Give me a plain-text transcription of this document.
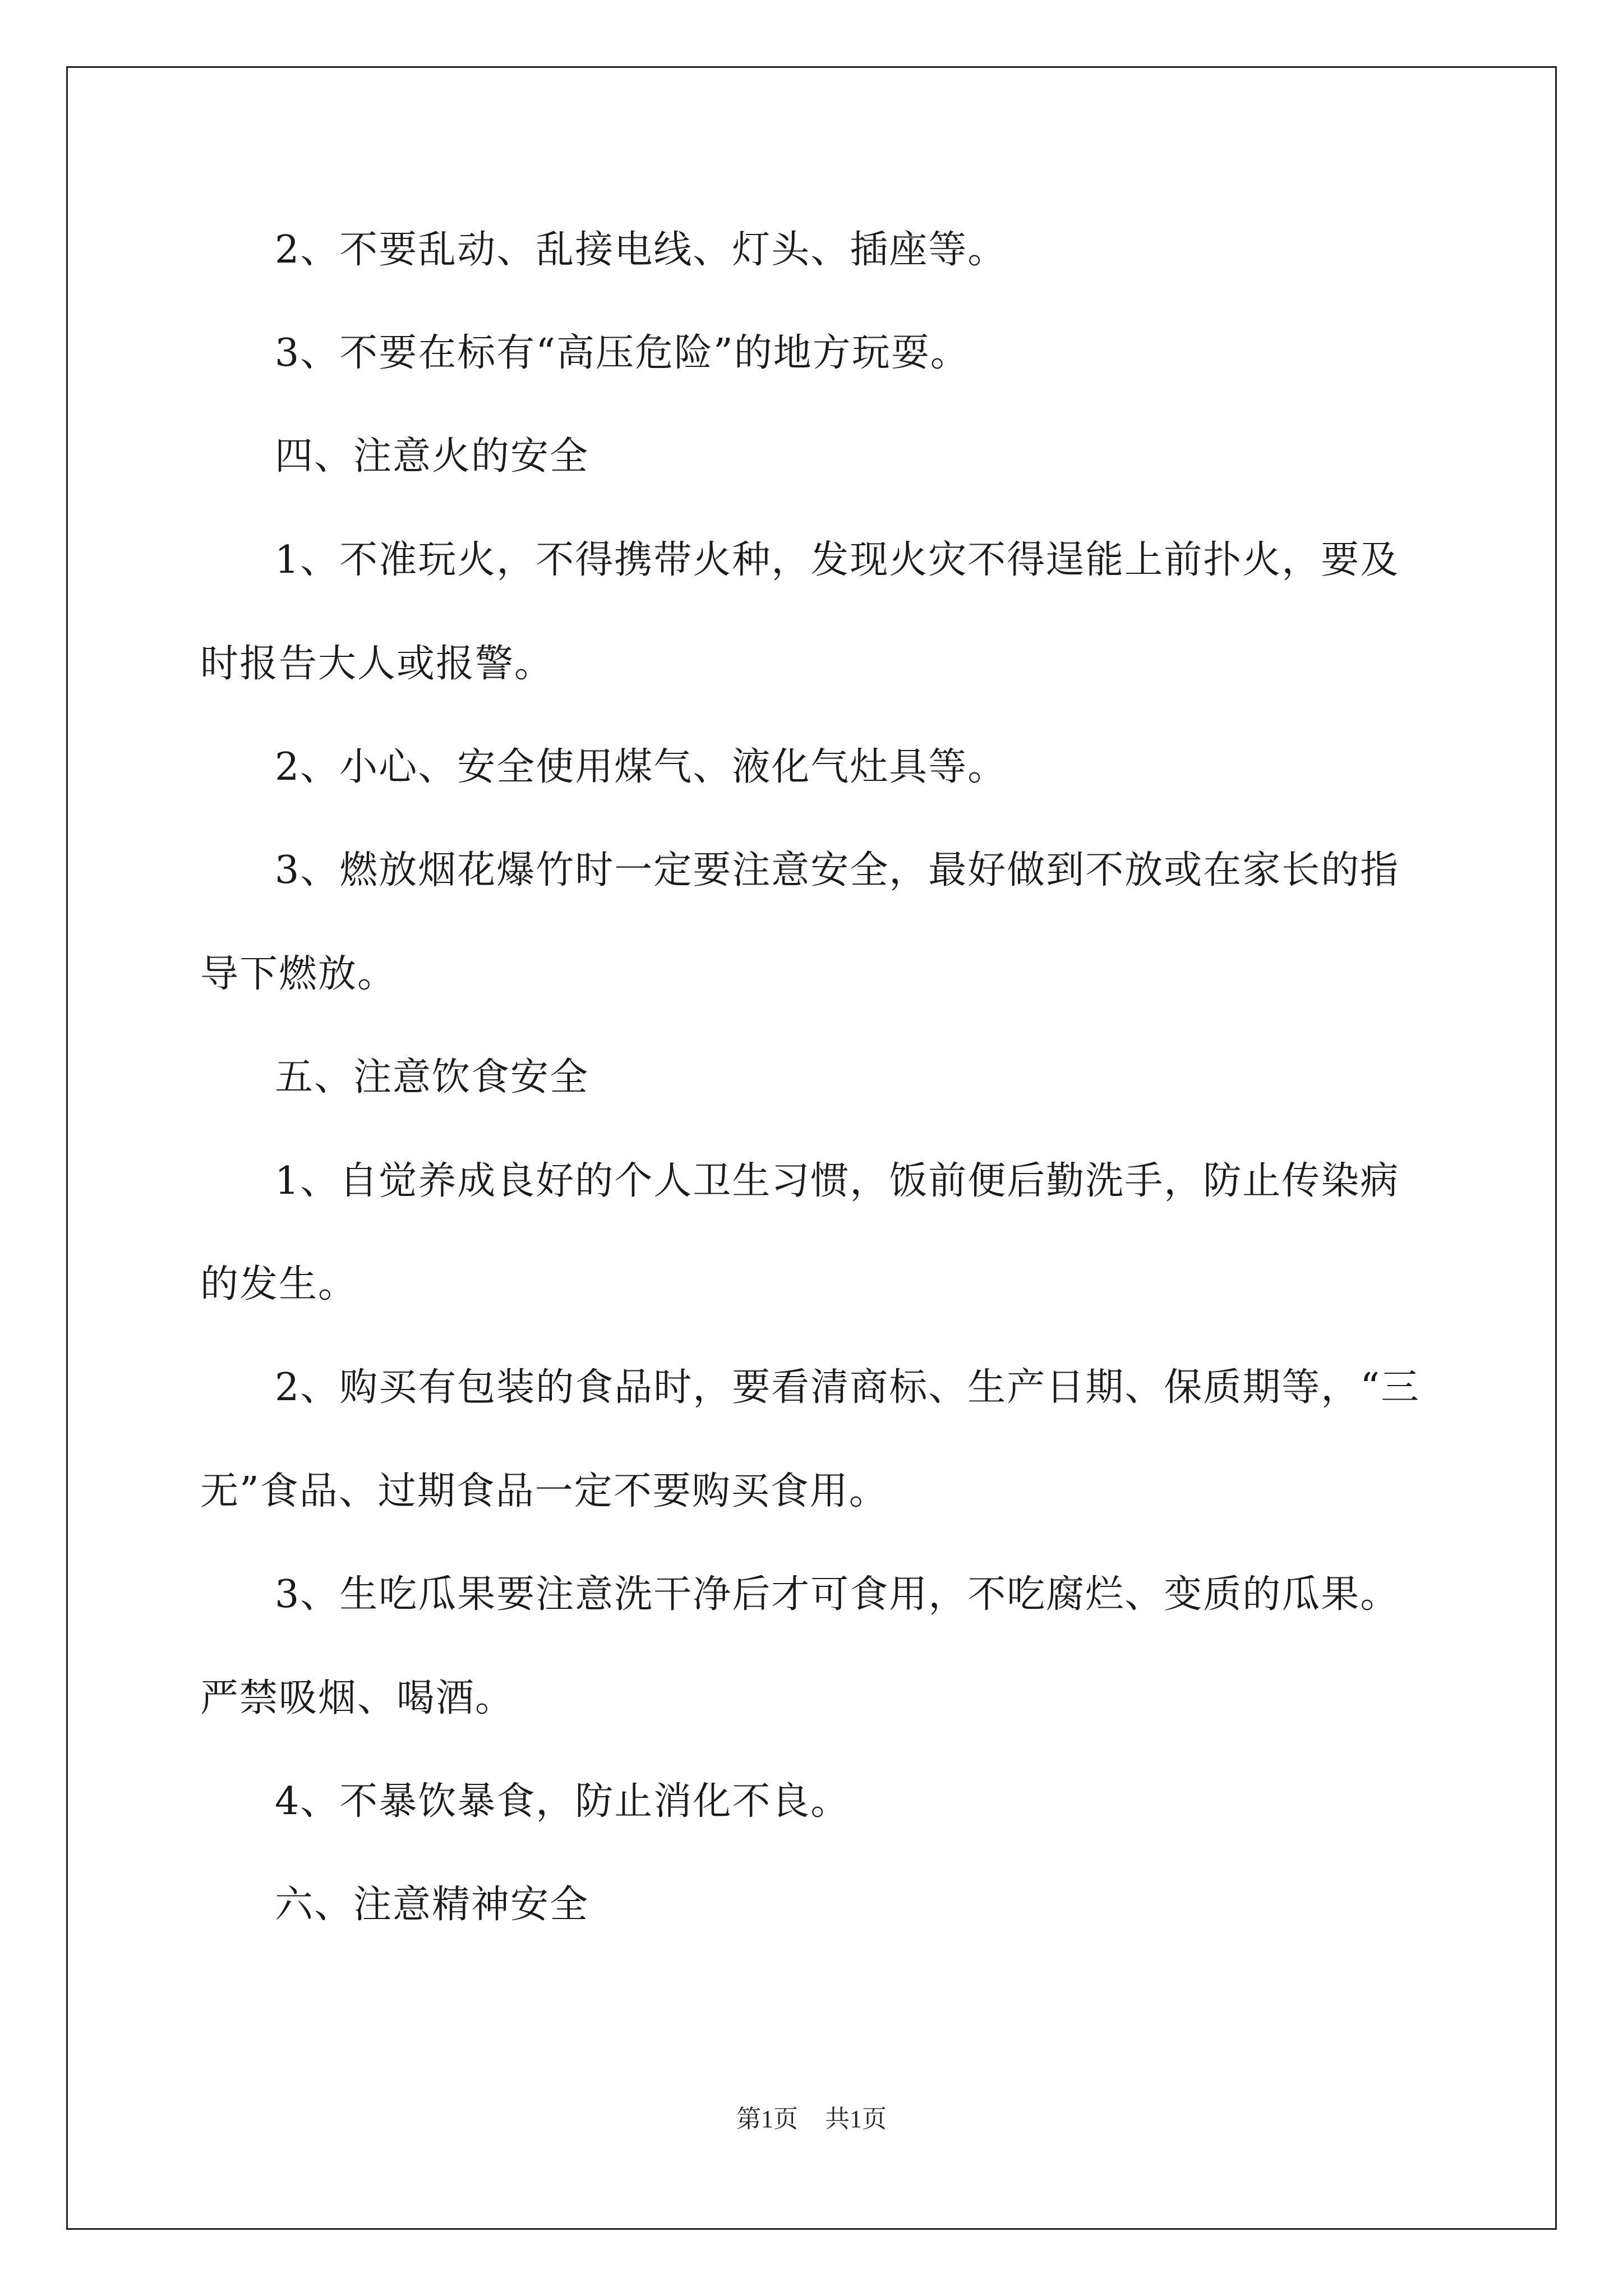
2、不要乱动、乱接电线、灯头、插座等。
3、不要在标有“高压危险”的地方玩耍。
四、注意火的安全
1、不准玩火，不得携带火种，发现火灾不得逞能上前扑火，要及
时报告大人或报警。
2、小心、安全使用煤气、液化气灶具等。
3、燃放烟花爆竹时一定要注意安全，最好做到不放或在家长的指
导下燃放。
五、注意饮食安全
1、自觉养成良好的个人卫生习惯，饭前便后勤洗手，防止传染病
的发生。
2、购买有包装的食品时，要看清商标、生产日期、保质期等，“三
无”食品、过期食品一定不要购买食用。
3、生吃瓜果要注意洗干净后才可食用，不吃腐烂、变质的瓜果。
严禁吸烟、喝酒。
4、不暴饮暴食，防止消化不良。
六、注意精神安全
第1页 共1页
